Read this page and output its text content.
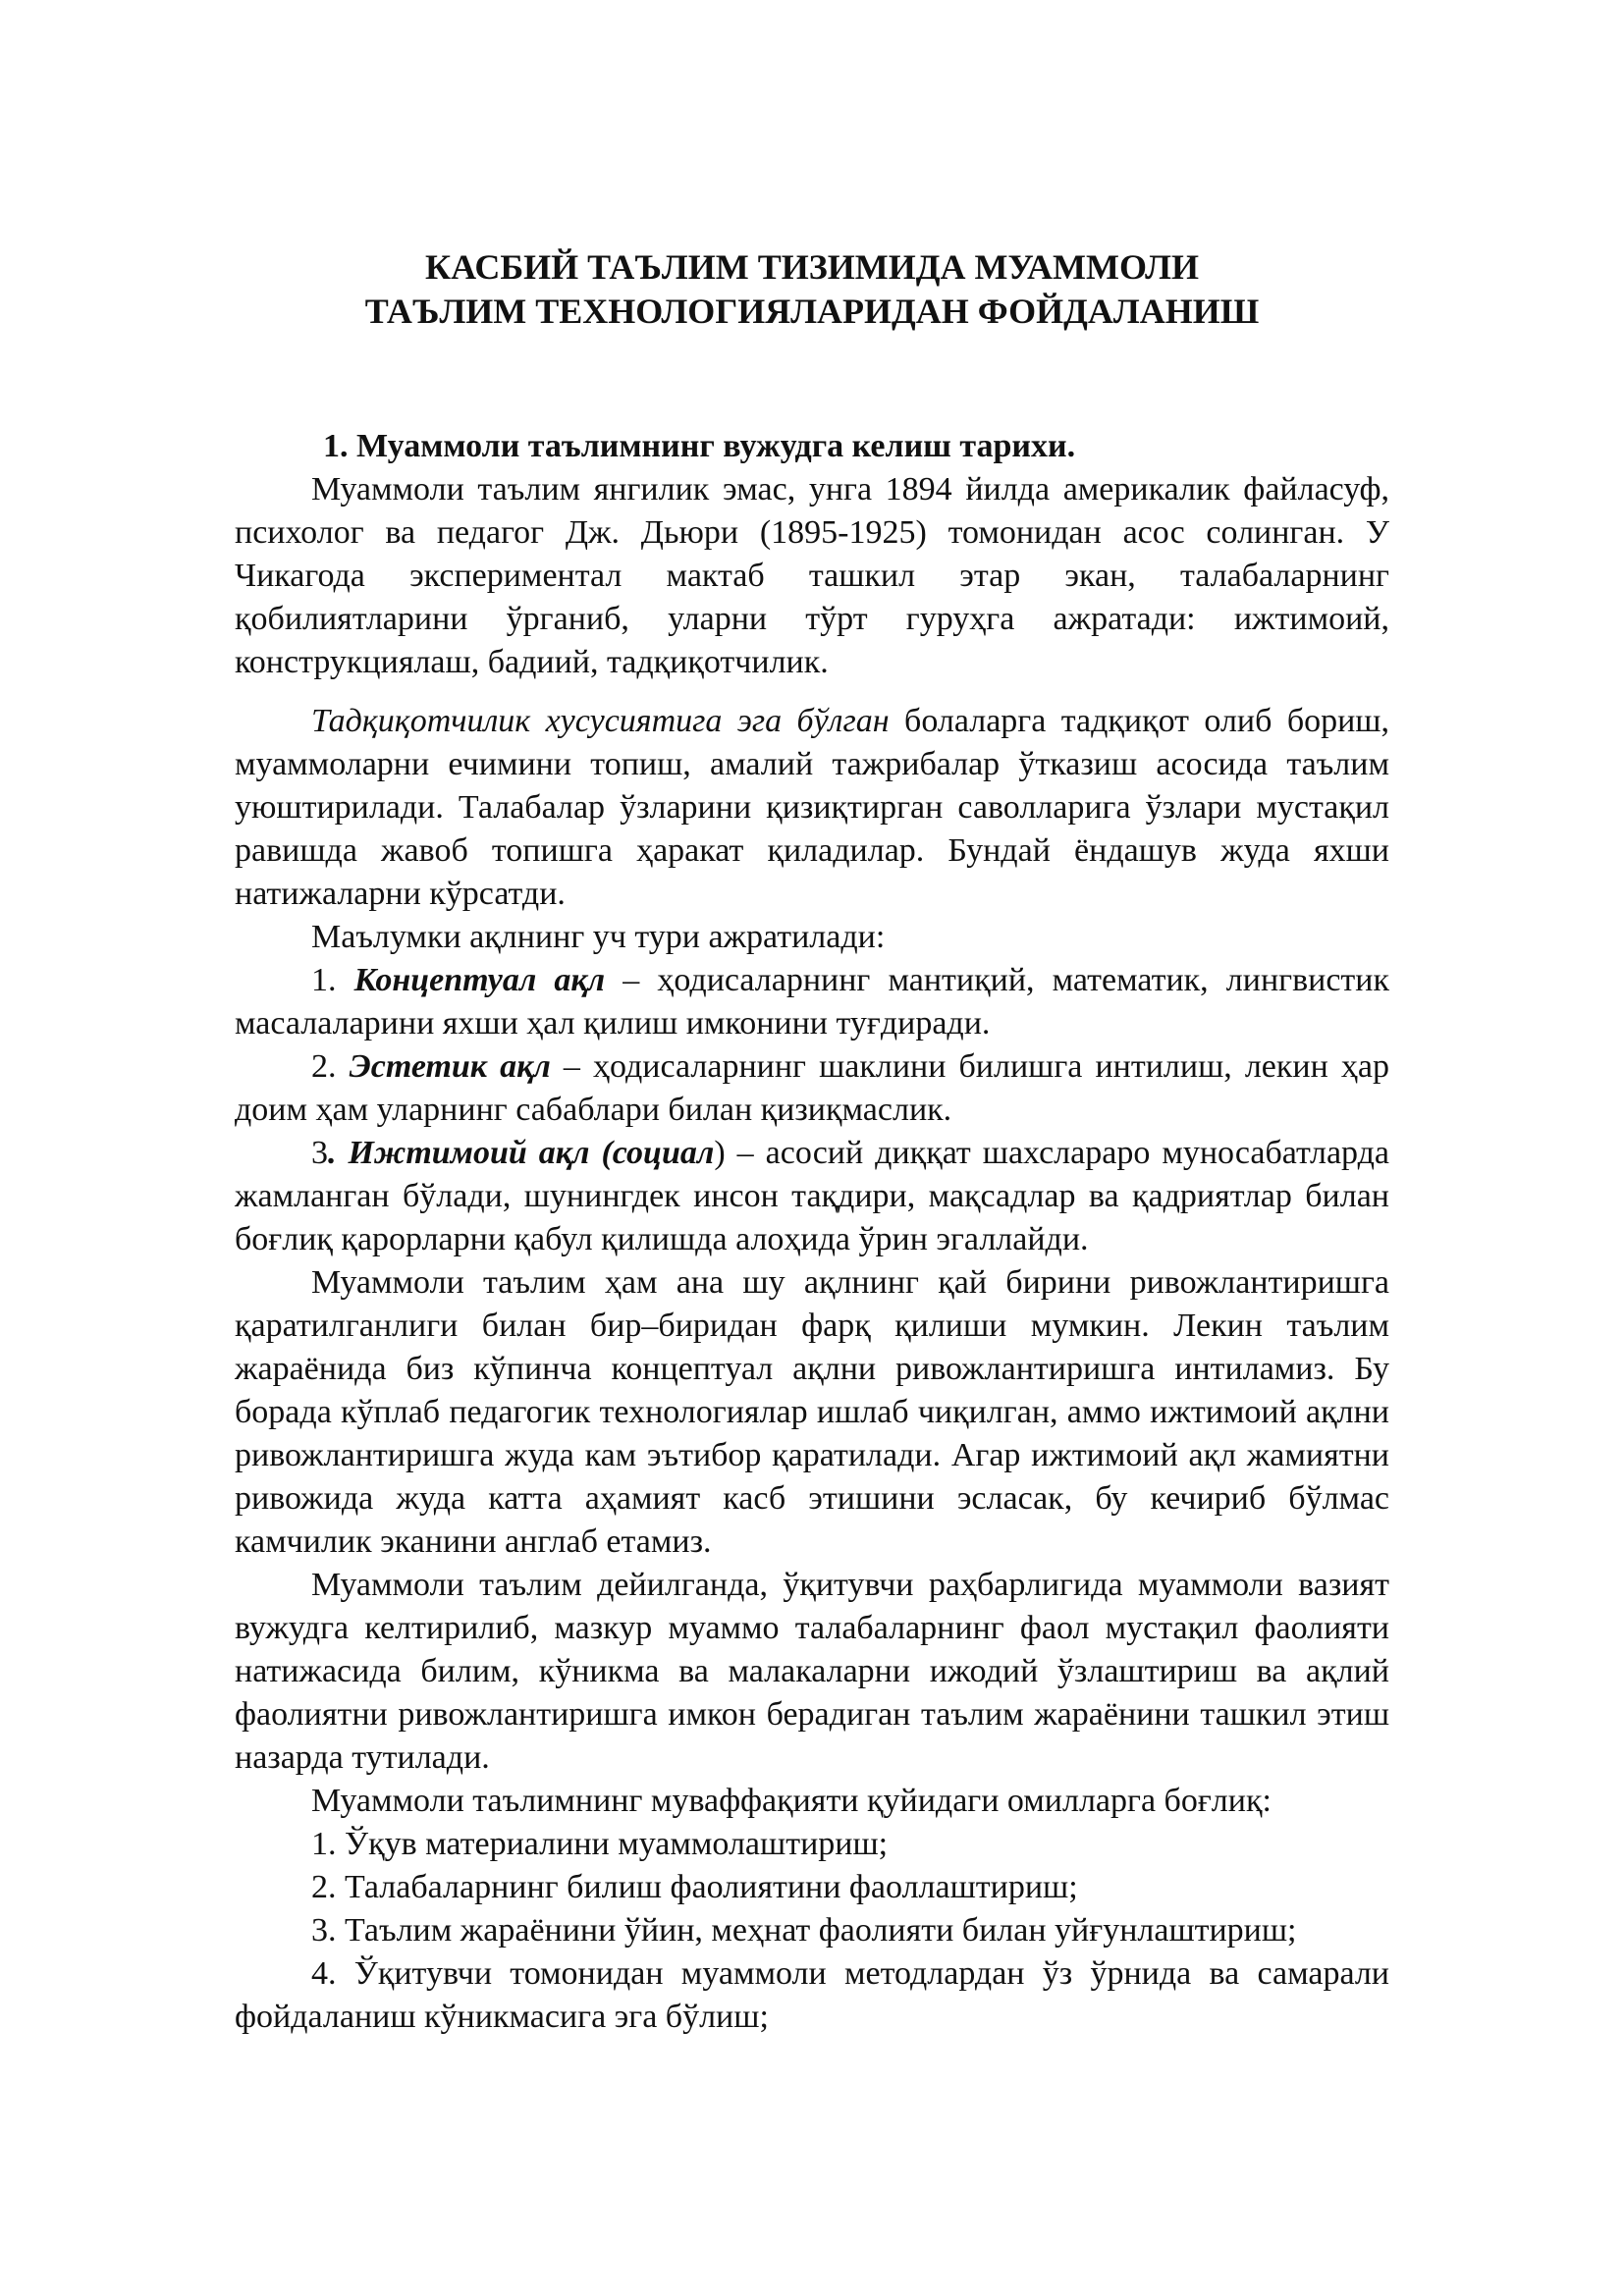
КАСБИЙ ТАЪЛИМ ТИЗИМИДА МУАММОЛИ
ТАЪЛИМ ТЕХНОЛОГИЯЛАРИДАН ФОЙДАЛАНИШ

1. Муаммоли таълимнинг вужудга келиш тарихи.

Муаммоли таълим янгилик эмас, унга 1894 йилда америкалик файласуф, психолог ва педагог Дж. Дьюри (1895-1925) томонидан асос солинган. У Чикагода экспериментал мактаб ташкил этар экан, талабаларнинг қобилиятларини ўрганиб, уларни тўрт гуруҳга ажратади: ижтимоий, конструкциялаш, бадиий, тадқиқотчилик.

Тадқиқотчилик хусусиятига эга бўлган болаларга тадқиқот олиб бориш, муаммоларни ечимини топиш, амалий тажрибалар ўтказиш асосида таълим уюштирилади. Талабалар ўзларини қизиқтирган саволларига ўзлари мустақил равишда жавоб топишга ҳаракат қиладилар. Бундай ёндашув жуда яхши натижаларни кўрсатди.

Маълумки ақлнинг уч тури ажратилади:

1. Концептуал ақл – ҳодисаларнинг мантиқий, математик, лингвистик масалаларини яхши ҳал қилиш имконини туғдиради.

2. Эстетик ақл – ҳодисаларнинг шаклини билишга интилиш, лекин ҳар доим ҳам уларнинг сабаблари билан қизиқмаслик.

3. Ижтимоий ақл (социал) – асосий диққат шахслараро муносабатларда жамланган бўлади, шунингдек инсон тақдири, мақсадлар ва қадриятлар билан боғлиқ қарорларни қабул қилишда алоҳида ўрин эгаллайди.

Муаммоли таълим ҳам ана шу ақлнинг қай бирини ривожлантиришга қаратилганлиги билан бир–биридан фарқ қилиши мумкин. Лекин таълим жараёнида биз кўпинча концептуал ақлни ривожлантиришга интиламиз. Бу борада кўплаб педагогик технологиялар ишлаб чиқилган, аммо ижтимоий ақлни ривожлантиришга жуда кам эътибор қаратилади. Агар ижтимоий ақл жамиятни ривожида жуда катта аҳамият касб этишини эсласак, бу кечириб бўлмас камчилик эканини англаб етамиз.

Муаммоли таълим дейилганда, ўқитувчи раҳбарлигида муаммоли вазият вужудга келтирилиб, мазкур муаммо талабаларнинг фаол мустақил фаолияти натижасида билим, кўникма ва малакаларни ижодий ўзлаштириш ва ақлий фаолиятни ривожлантиришга имкон берадиган таълим жараёнини ташкил этиш назарда тутилади.

Муаммоли таълимнинг муваффақияти қуйидаги омилларга боғлиқ:

1. Ўқув материалини муаммолаштириш;

2. Талабаларнинг билиш фаолиятини фаоллаштириш;

3. Таълим жараёнини ўйин, меҳнат фаолияти билан уйғунлаштириш;

4. Ўқитувчи томонидан муаммоли методлардан ўз ўрнида ва самарали фойдаланиш кўникмасига эга бўлиш;
